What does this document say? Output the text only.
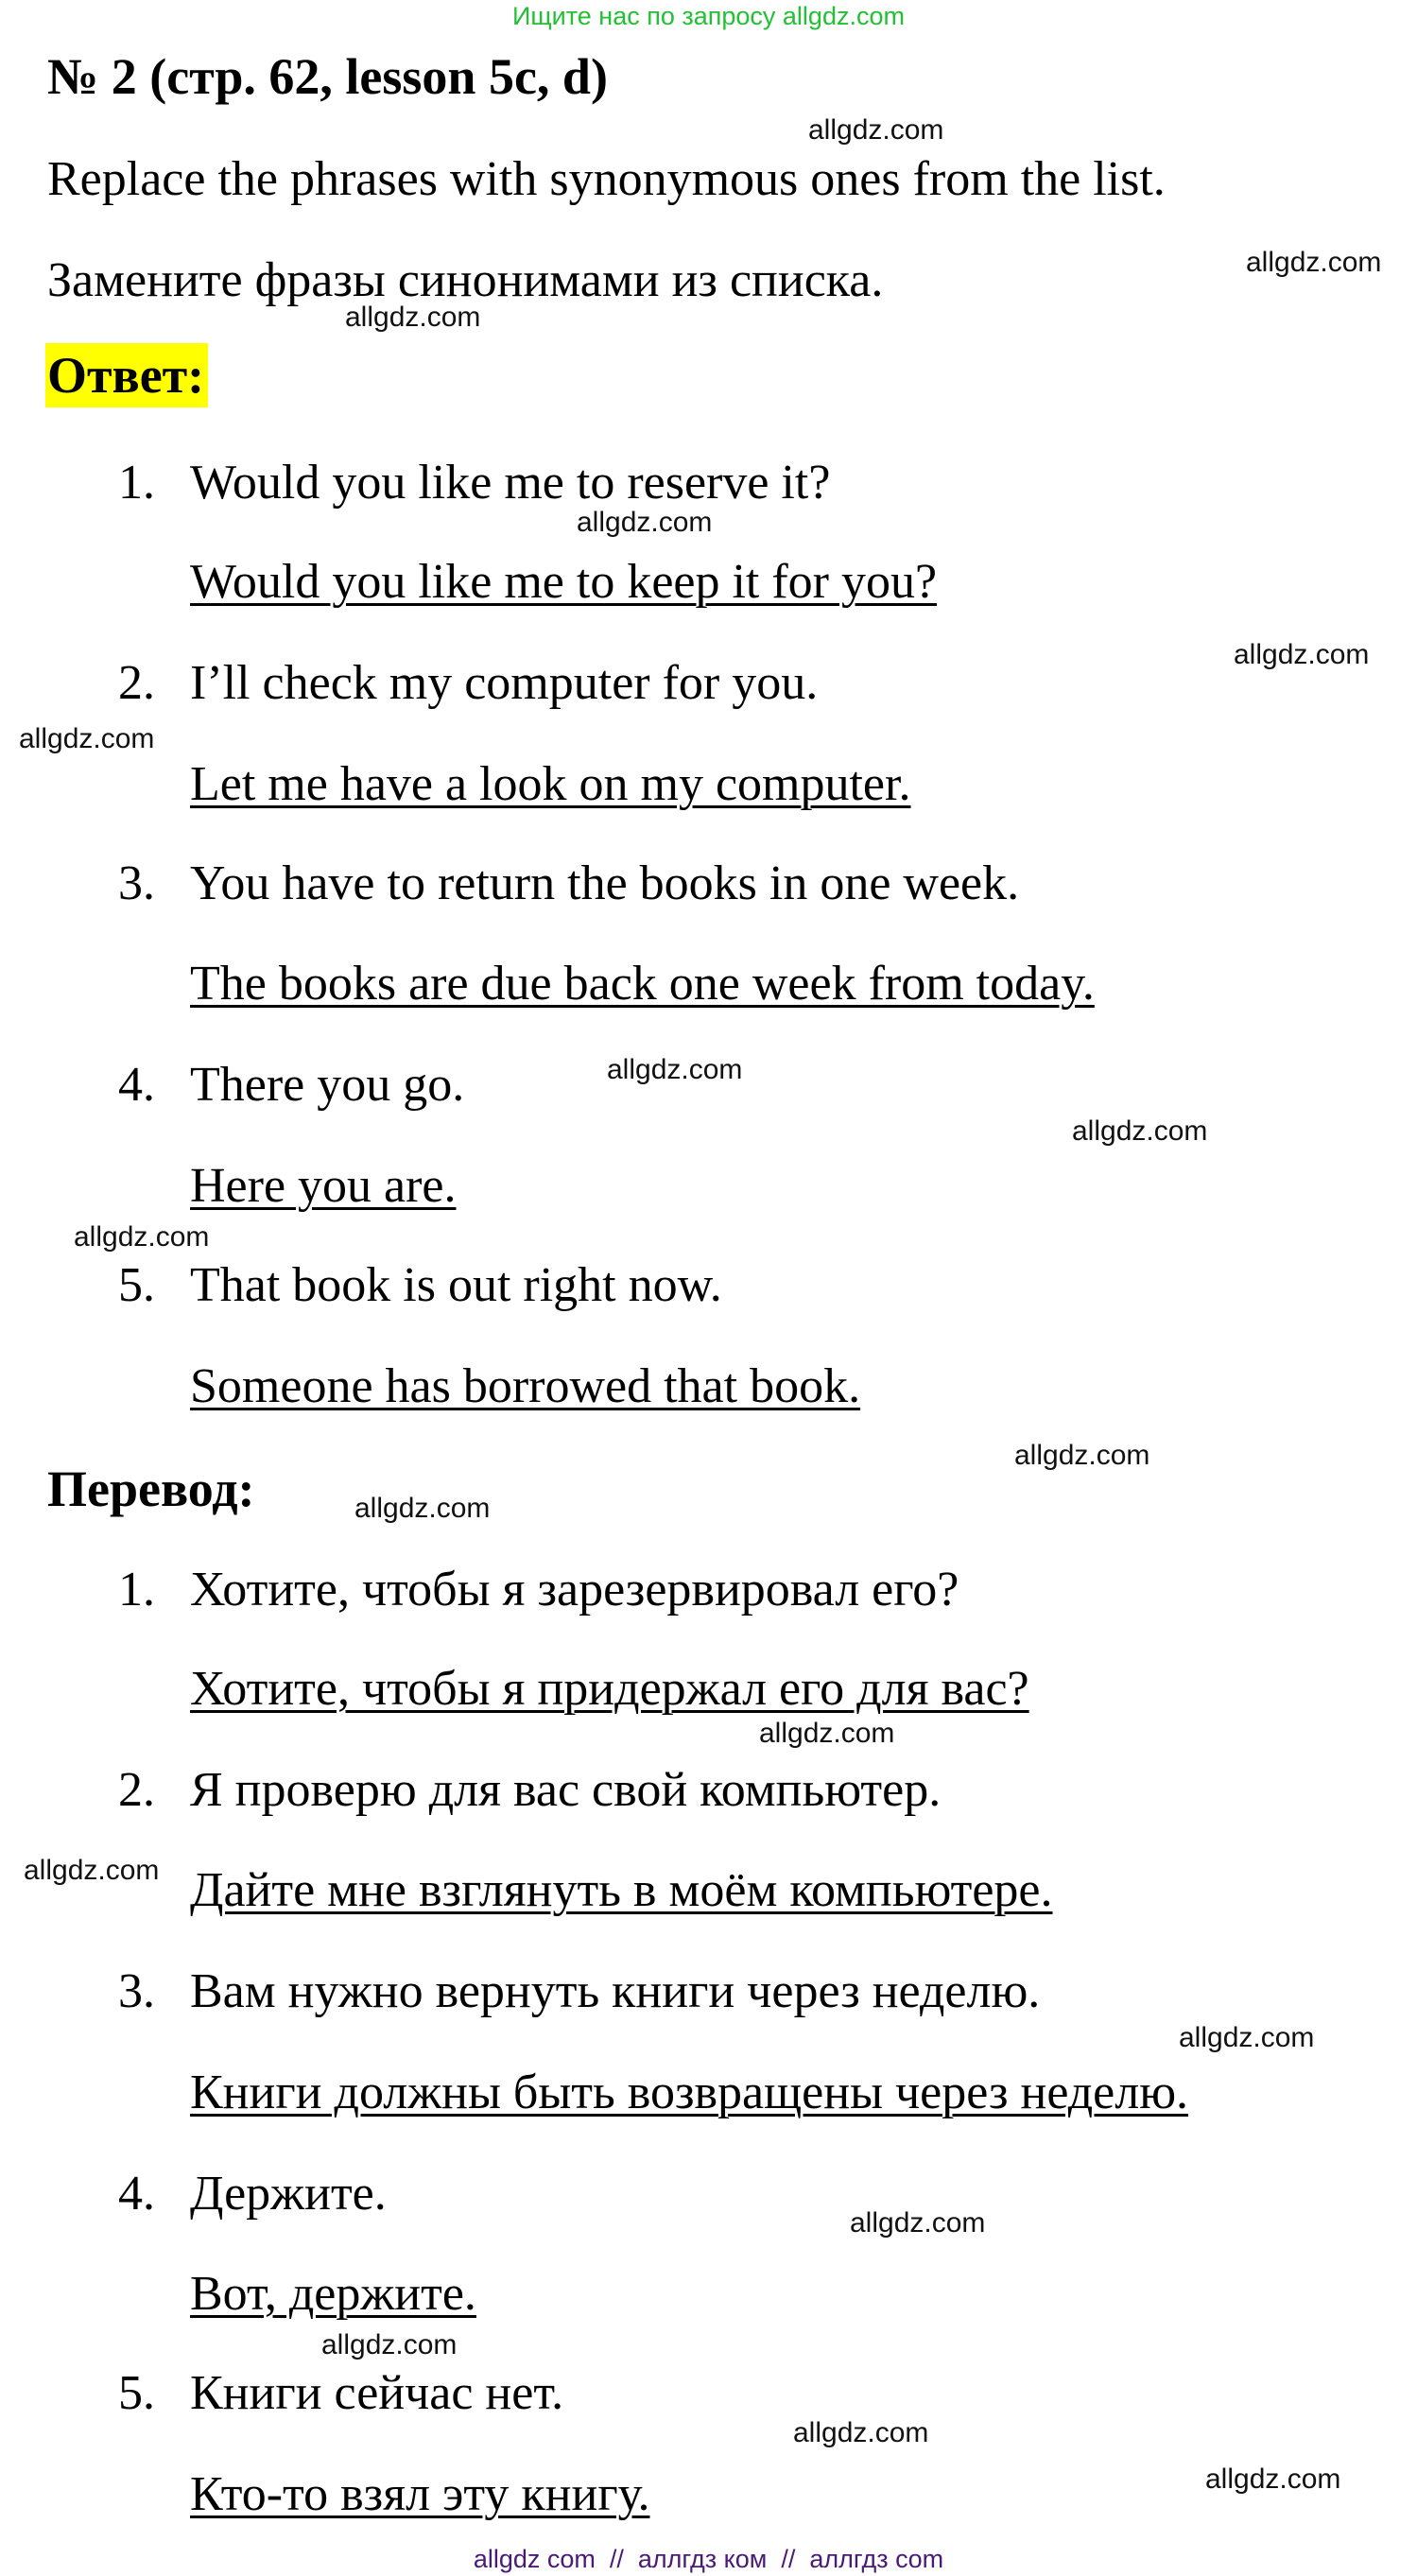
Ищите нас по запросу allgdz.com
№ 2 (стр. 62, lesson 5c, d)
Replace the phrases with synonymous ones from the list.
Замените фразы синонимами из списка.
Ответ:
1. Would you like me to reserve it?
Would you like me to keep it for you?
2. I’ll check my computer for you.
Let me have a look on my computer.
3. You have to return the books in one week.
The books are due back one week from today.
4. There you go.
Here you are.
5. That book is out right now.
Someone has borrowed that book.
Перевод:
1. Хотите, чтобы я зарезервировал его?
Хотите, чтобы я придержал его для вас?
2. Я проверю для вас свой компьютер.
Дайте мне взглянуть в моём компьютере.
3. Вам нужно вернуть книги через неделю.
Книги должны быть возвращены через неделю.
4. Держите.
Вот, держите.
5. Книги сейчас нет.
Кто-то взял эту книгу.
allgdz.com
allgdz.com
allgdz.com
allgdz.com
allgdz.com
allgdz.com
allgdz.com
allgdz.com
allgdz.com
allgdz.com
allgdz.com
allgdz.com
allgdz.com
allgdz.com
allgdz.com
allgdz.com
allgdz.com
allgdz.com
allgdz com  //  аллгдз ком  //  аллгдз com
